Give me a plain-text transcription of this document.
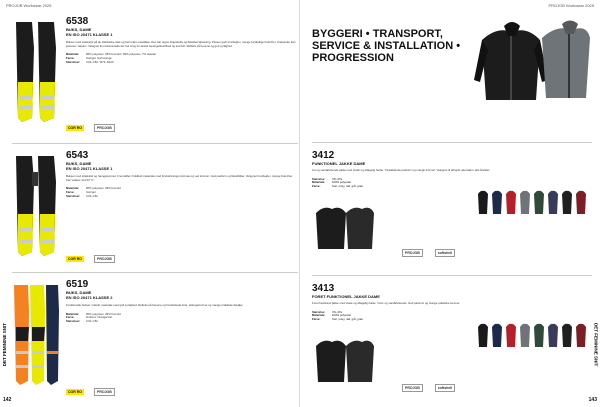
PROJOB Workwear 2025
6538
BUKS, DAME
EN ISO 20471 KLASSE 1
Bukser med strækstof på de slidstærke dele og helt uden metaldele. Den har tegne-/linjeskuffe og fleksibel tilpasning. Passer godt til arbejde i mange forskellige brancher. Knæpuder kan justeres i højden. Velegnet til professionelle der har brug for ekstra bevægelsesfrihed og komfort. Refleks på benene og god synlighed.
Materiale:	65% polyester, 35% bomuld / 93% polyester, 7% elastan
Farve:	Sort/gul, Sort/orange
Størrelser:	C34–C52 / D72–D120
COR RO	PROJOB
6543
BUKS, DAME
EN ISO 20471 KLASSE 1
Bukser med strækstof og hængelommer. Fremstillet i holdbart materiale med forstærkninger på knæ og ved lommer. God pasform og fleksibilitet. Velegnet til arbejde i mange brancher. Kan vaskes ved 60 °C.
Materiale:	65% polyester, 35% bomuld
Farve:	Sort/gul
Størrelser:	C34–C52
COR RO	PROJOB
6519
BUKS, DAME
EN ISO 20471 KLASSE 2
Funktionelle bukser i stærkt materiale med god synlighed. Refleks på benene og forstærkede knæ. Hængelommer og mange praktiske detaljer.
Materiale:	65% polyester, 35% bomuld
Farve:	Gul/sort, Orange/sort
Størrelser:	C34–C52
COR RO	PROJOB
DET FEMININE SNIT
142
PROJOB Workwear 2025
BYGGERI • TRANSPORT, SERVICE & INSTALLATION • PROGRESSION
3412
FUNKTIONEL JAKKE DAME
Let og vandafvisende jakke med stræk og aftagelig hætte. Tætsiddende pasform og mange lommer. Velegnet til arbejde udendørs i alle årstider.
Størrelse:	XS–3XL
Materiale:	100% polyester
Farve:	Sort, navy, rød, grå, grøn
PROJOB	softshell
3413
FORET FUNKTIONEL JAKKE DAME
Foret funktionel jakke med stræk og aftagelig hætte. Vind- og vandafvisende. God pasform og mange praktiske lommer.
Størrelse:	XS–3XL
Materiale:	100% polyester
Farve:	Sort, navy, rød, grå, grøn
PROJOB	softshell
DET FEMININE SNIT
143
